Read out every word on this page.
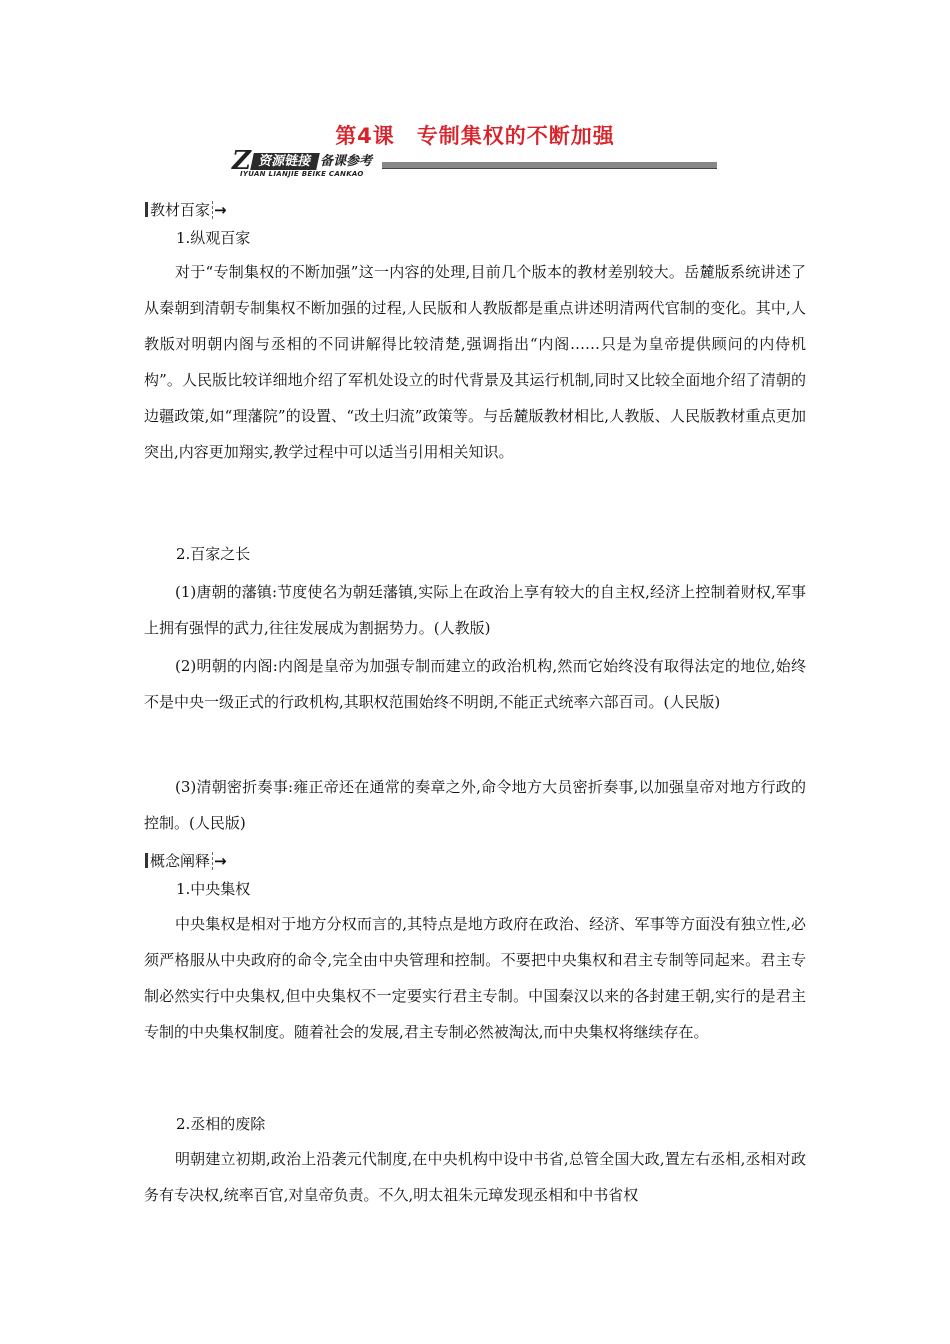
第4课　专制集权的不断加强
Z 资源链接 备课参考
IYUAN LIANJIE BEIKE CANKAO
教材百家 →
1.纵观百家

对于“专制集权的不断加强”这一内容的处理,目前几个版本的教材差别较大。岳麓版系统讲述了从秦朝到清朝专制集权不断加强的过程,人民版和人教版都是重点讲述明清两代官制的变化。其中,人教版对明朝内阁与丞相的不同讲解得比较清楚,强调指出“内阁……只是为皇帝提供顾问的内侍机构”。人民版比较详细地介绍了军机处设立的时代背景及其运行机制,同时又比较全面地介绍了清朝的边疆政策,如“理藩院”的设置、“改土归流”政策等。与岳麓版教材相比,人教版、人民版教材重点更加突出,内容更加翔实,教学过程中可以适当引用相关知识。

2.百家之长

(1)唐朝的藩镇:节度使名为朝廷藩镇,实际上在政治上享有较大的自主权,经济上控制着财权,军事上拥有强悍的武力,往往发展成为割据势力。(人教版)

(2)明朝的内阁:内阁是皇帝为加强专制而建立的政治机构,然而它始终没有取得法定的地位,始终不是中央一级正式的行政机构,其职权范围始终不明朗,不能正式统率六部百司。(人民版)

(3)清朝密折奏事:雍正帝还在通常的奏章之外,命令地方大员密折奏事,以加强皇帝对地方行政的控制。(人民版)

概念阐释 →
1.中央集权

中央集权是相对于地方分权而言的,其特点是地方政府在政治、经济、军事等方面没有独立性,必须严格服从中央政府的命令,完全由中央管理和控制。不要把中央集权和君主专制等同起来。君主专制必然实行中央集权,但中央集权不一定要实行君主专制。中国秦汉以来的各封建王朝,实行的是君主专制的中央集权制度。随着社会的发展,君主专制必然被淘汰,而中央集权将继续存在。

2.丞相的废除

明朝建立初期,政治上沿袭元代制度,在中央机构中设中书省,总管全国大政,置左右丞相,丞相对政务有专决权,统率百官,对皇帝负责。不久,明太祖朱元璋发现丞相和中书省权
